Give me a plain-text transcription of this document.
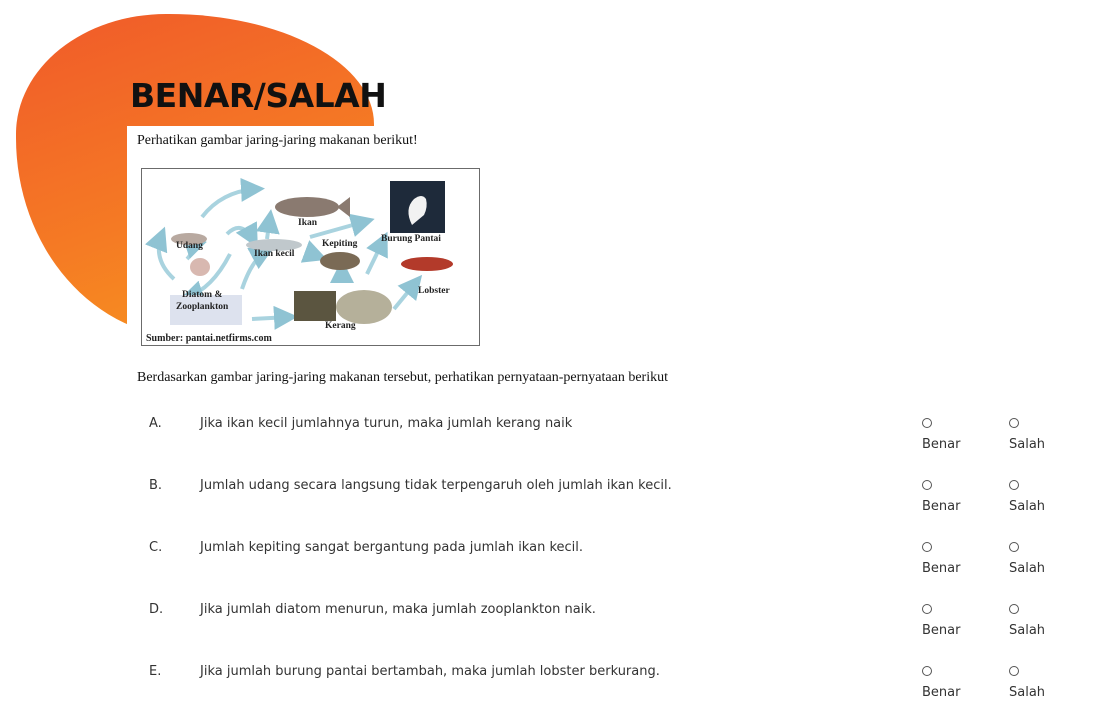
BENAR/SALAH

Perhatikan gambar jaring-jaring makanan berikut!

Ikan
Udang
Ikan kecil
Kepiting Burung Pantai
Diatom &
Zooplankton
Lobster
Kerang
Sumber: pantai.netfirms.com

Berdasarkan gambar jaring-jaring makanan tersebut, perhatikan pernyataan-pernyataan berikut

A.	Jika ikan kecil jumlahnya turun, maka jumlah kerang naik
Benar	Salah
B.	Jumlah udang secara langsung tidak terpengaruh oleh jumlah ikan kecil.
Benar	Salah
C.	Jumlah kepiting sangat bergantung pada jumlah ikan kecil.
Benar	Salah
D.	Jika jumlah diatom menurun, maka jumlah zooplankton naik.
Benar	Salah
E.	Jika jumlah burung pantai bertambah, maka jumlah lobster berkurang.
Benar	Salah
